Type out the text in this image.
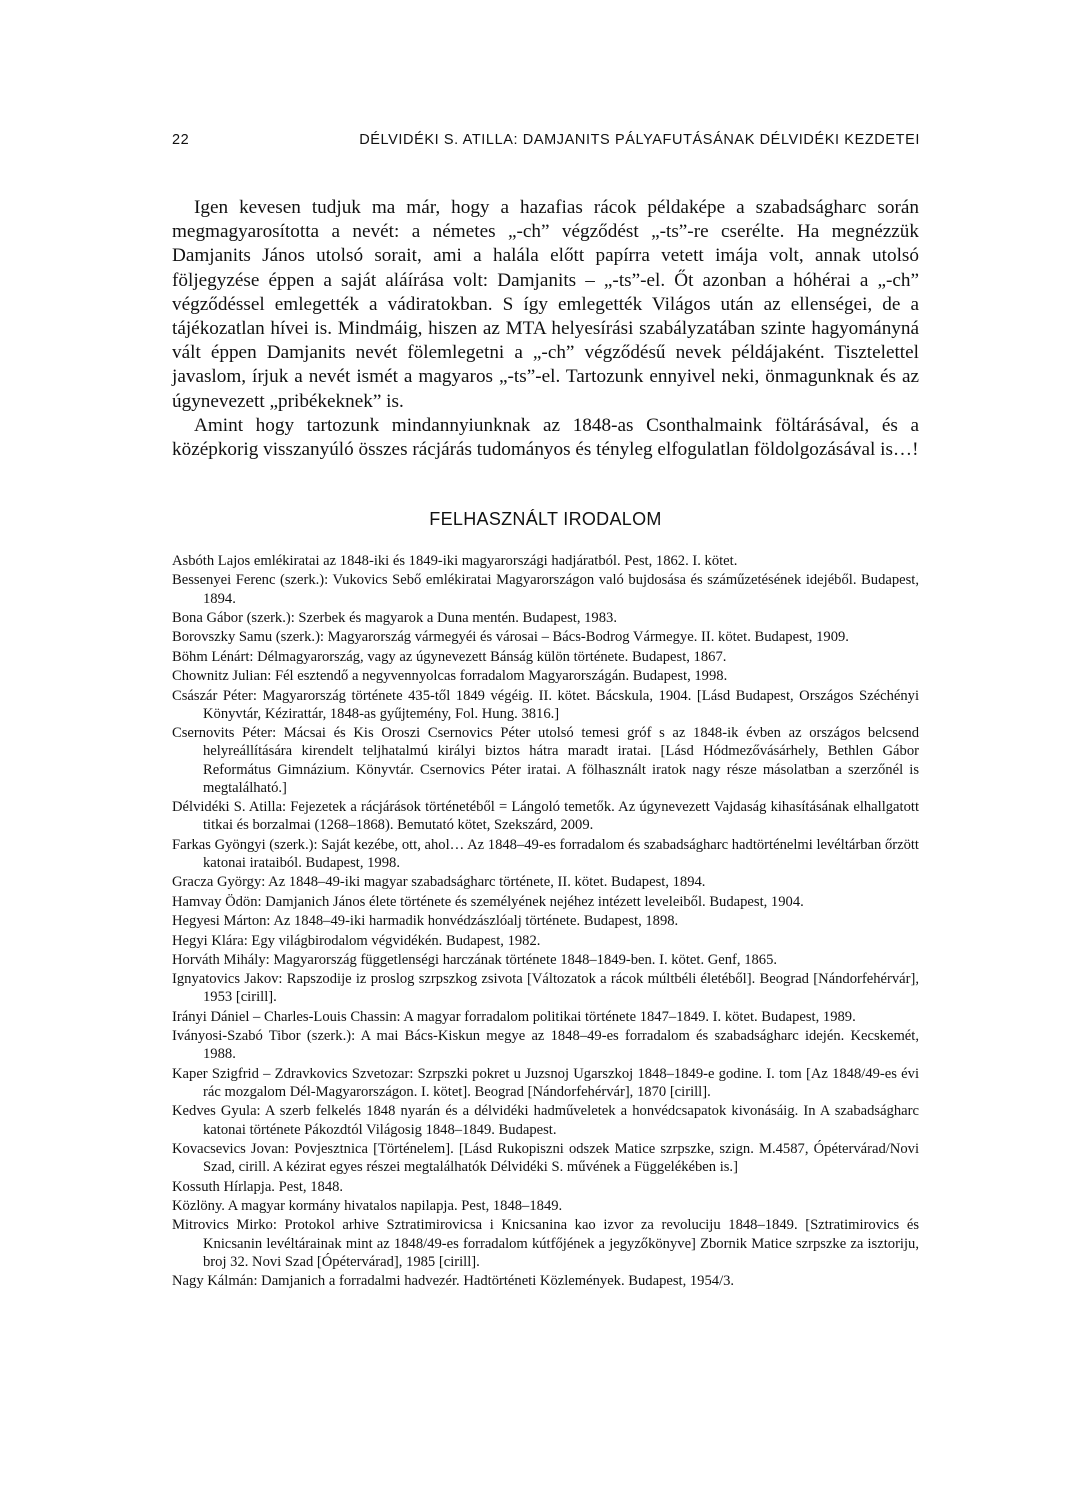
22	DÉLVIDÉKI S. ATILLA: DAMJANITS PÁLYAFUTÁSÁNAK DÉLVIDÉKI KEZDETEI

Igen kevesen tudjuk ma már, hogy a hazafias rácok példaképe a szabadságharc során megmagyarosította a nevét: a németes „-ch” végződést „-ts”-re cserélte. Ha megnézzük Damjanits János utolsó sorait, ami a halála előtt papírra vetett imája volt, annak utolsó följegyzése éppen a saját aláírása volt: Damjanits – „-ts”-el. Őt azonban a hóhérai a „-ch” végződéssel emlegették a vádiratokban. S így emlegették Világos után az ellenségei, de a tájékozatlan hívei is. Mindmáig, hiszen az MTA helyesírási szabályzatában szinte hagyományná vált éppen Damjanits nevét fölemlegetni a „-ch” végződésű nevek példájaként. Tisztelettel javaslom, írjuk a nevét ismét a magyaros „-ts”-el. Tartozunk ennyivel neki, önmagunknak és az úgynevezett „pribékeknek” is.

Amint hogy tartozunk mindannyiunknak az 1848-as Csonthalmaink föltárásával, és a középkorig visszanyúló összes rácjárás tudományos és tényleg elfogulatlan földolgozásával is…!

FELHASZNÁLT IRODALOM
Asbóth Lajos emlékiratai az 1848-iki és 1849-iki magyarországi hadjáratból. Pest, 1862. I. kötet.
Bessenyei Ferenc (szerk.): Vukovics Sebő emlékiratai Magyarországon való bujdosása és száműzetésének idejéből. Budapest, 1894.
Bona Gábor (szerk.): Szerbek és magyarok a Duna mentén. Budapest, 1983.
Borovszky Samu (szerk.): Magyarország vármegyéi és városai – Bács-Bodrog Vármegye. II. kötet. Budapest, 1909.
Böhm Lénárt: Délmagyarország, vagy az úgynevezett Bánság külön története. Budapest, 1867.
Chownitz Julian: Fél esztendő a negyvennyolcas forradalom Magyarországán. Budapest, 1998.
Császár Péter: Magyarország története 435-től 1849 végéig. II. kötet. Bácskula, 1904. [Lásd Budapest, Országos Széchényi Könyvtár, Kézirattár, 1848-as gyűjtemény, Fol. Hung. 3816.]
Csernovits Péter: Mácsai és Kis Oroszi Csernovics Péter utolsó temesi gróf s az 1848-ik évben az országos belcsend helyreállítására kirendelt teljhatalmú királyi biztos hátra maradt iratai. [Lásd Hódmezővásárhely, Bethlen Gábor Református Gimnázium. Könyvtár. Csernovics Péter iratai. A fölhasznált iratok nagy része másolatban a szerzőnél is megtalálható.]
Délvidéki S. Atilla: Fejezetek a rácjárások történetéből = Lángoló temetők. Az úgynevezett Vajdaság kihasításának elhallgatott titkai és borzalmai (1268–1868). Bemutató kötet, Szekszárd, 2009.
Farkas Gyöngyi (szerk.): Saját kezébe, ott, ahol… Az 1848–49-es forradalom és szabadságharc hadtörténelmi levéltárban őrzött katonai irataiból. Budapest, 1998.
Gracza György: Az 1848–49-iki magyar szabadságharc története, II. kötet. Budapest, 1894.
Hamvay Ödön: Damjanich János élete története és személyének nejéhez intézett leveleiből. Budapest, 1904.
Hegyesi Márton: Az 1848–49-iki harmadik honvédzászlóalj története. Budapest, 1898.
Hegyi Klára: Egy világbirodalom végvidékén. Budapest, 1982.
Horváth Mihály: Magyarország függetlenségi harczának története 1848–1849-ben. I. kötet. Genf, 1865.
Ignyatovics Jakov: Rapszodije iz proslog szrpszkog zsivota [Változatok a rácok múltbéli életéből]. Beograd [Nándorfehérvár], 1953 [cirill].
Irányi Dániel – Charles-Louis Chassin: A magyar forradalom politikai története 1847–1849. I. kötet. Budapest, 1989.
Iványosi-Szabó Tibor (szerk.): A mai Bács-Kiskun megye az 1848–49-es forradalom és szabadságharc idején. Kecskemét, 1988.
Kaper Szigfrid – Zdravkovics Szvetozar: Szrpszki pokret u Juzsnoj Ugarszkoj 1848–1849-e godine. I. tom [Az 1848/49-es évi rác mozgalom Dél-Magyarországon. I. kötet]. Beograd [Nándorfehérvár], 1870 [cirill].
Kedves Gyula: A szerb felkelés 1848 nyarán és a délvidéki hadműveletek a honvédcsapatok kivonásáig. In A szabadságharc katonai története Pákozdtól Világosig 1848–1849. Budapest.
Kovacsevics Jovan: Povjesztnica [Történelem]. [Lásd Rukopiszni odszek Matice szrpszke, szign. M.4587, Ópétervárad/Novi Szad, cirill. A kézirat egyes részei megtalálhatók Délvidéki S. művének a Függelékében is.]
Kossuth Hírlapja. Pest, 1848.
Közlöny. A magyar kormány hivatalos napilapja. Pest, 1848–1849.
Mitrovics Mirko: Protokol arhive Sztratimirovicsa i Knicsanina kao izvor za revoluciju 1848–1849. [Sztratimirovics és Knicsanin levéltárainak mint az 1848/49-es forradalom kútfőjének a jegyzőkönyve] Zbornik Matice szrpszke za isztoriju, broj 32. Novi Szad [Ópétervárad], 1985 [cirill].
Nagy Kálmán: Damjanich a forradalmi hadvezér. Hadtörténeti Közlemények. Budapest, 1954/3.
